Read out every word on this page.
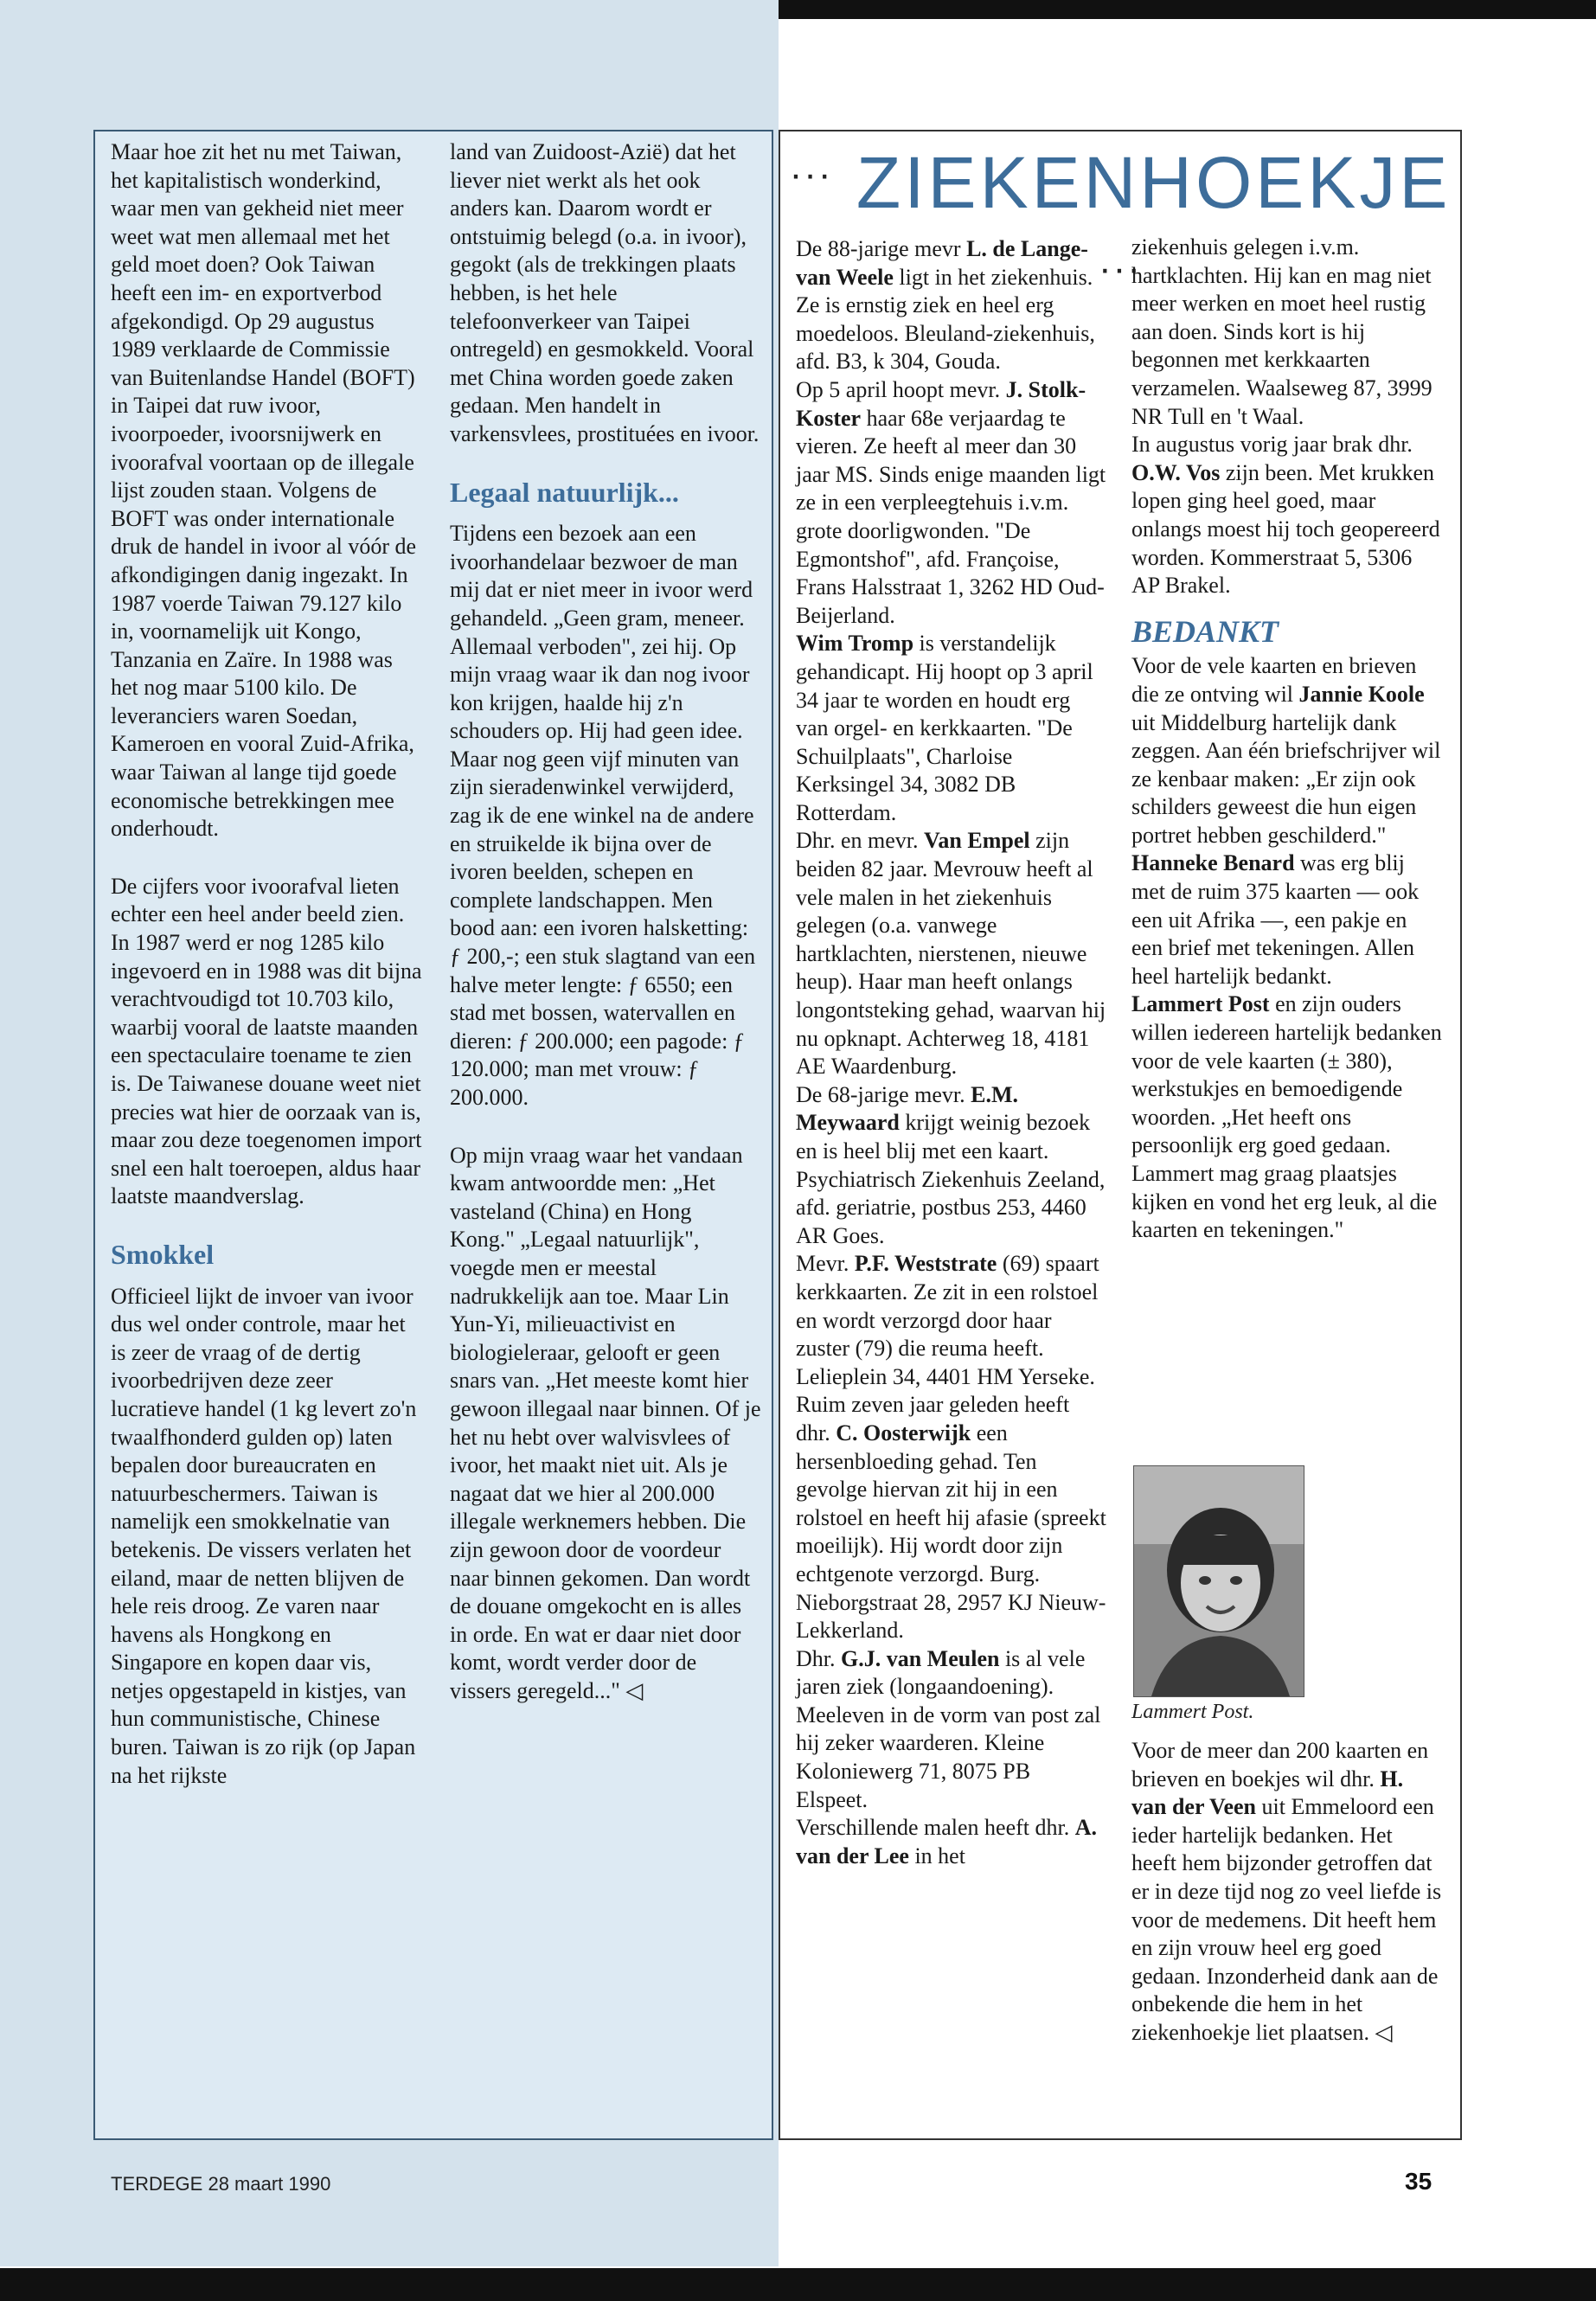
Maar hoe zit het nu met Taiwan, het kapitalistisch wonderkind, waar men van gekheid niet meer weet wat men allemaal met het geld moet doen? Ook Taiwan heeft een im- en exportverbod afgekondigd. Op 29 augustus 1989 verklaarde de Commissie van Buitenlandse Handel (BOFT) in Taipei dat ruw ivoor, ivoorpoeder, ivoorsnijwerk en ivoorafval voortaan op de illegale lijst zouden staan. Volgens de BOFT was onder internationale druk de handel in ivoor al vóór de afkondigingen danig ingezakt. In 1987 voerde Taiwan 79.127 kilo in, voornamelijk uit Kongo, Tanzania en Zaïre. In 1988 was het nog maar 5100 kilo. De leveranciers waren Soedan, Kameroen en vooral Zuid-Afrika, waar Taiwan al lange tijd goede economische betrekkingen mee onderhoudt.

De cijfers voor ivoorafval lieten echter een heel ander beeld zien. In 1987 werd er nog 1285 kilo ingevoerd en in 1988 was dit bijna verachtvoudigd tot 10.703 kilo, waarbij vooral de laatste maanden een spectaculaire toename te zien is. De Taiwanese douane weet niet precies wat hier de oorzaak van is, maar zou deze toegenomen import snel een halt toeroepen, aldus haar laatste maandverslag.

Smokkel

Officieel lijkt de invoer van ivoor dus wel onder controle, maar het is zeer de vraag of de dertig ivoorbedrijven deze zeer lucratieve handel (1 kg levert zo'n twaalfhonderd gulden op) laten bepalen door bureaucraten en natuurbeschermers. Taiwan is namelijk een smokkelnatie van betekenis. De vissers verlaten het eiland, maar de netten blijven de hele reis droog. Ze varen naar havens als Hongkong en Singapore en kopen daar vis, netjes opgestapeld in kistjes, van hun communistische, Chinese buren. Taiwan is zo rijk (op Japan na het rijkste

land van Zuidoost-Azië) dat het liever niet werkt als het ook anders kan. Daarom wordt er ontstuimig belegd (o.a. in ivoor), gegokt (als de trekkingen plaats hebben, is het hele telefoonverkeer van Taipei ontregeld) en gesmokkeld. Vooral met China worden goede zaken gedaan. Men handelt in varkensvlees, prostituées en ivoor.

Legaal natuurlijk...

Tijdens een bezoek aan een ivoorhandelaar bezwoer de man mij dat er niet meer in ivoor werd gehandeld. „Geen gram, meneer. Allemaal verboden", zei hij. Op mijn vraag waar ik dan nog ivoor kon krijgen, haalde hij z'n schouders op. Hij had geen idee. Maar nog geen vijf minuten van zijn sieradenwinkel verwijderd, zag ik de ene winkel na de andere en struikelde ik bijna over de ivoren beelden, schepen en complete landschappen. Men bood aan: een ivoren halsketting: ƒ 200,-; een stuk slagtand van een halve meter lengte: ƒ 6550; een stad met bossen, watervallen en dieren: ƒ 200.000; een pagode: ƒ 120.000; man met vrouw: ƒ 200.000.

Op mijn vraag waar het vandaan kwam antwoordde men: „Het vasteland (China) en Hong Kong." „Legaal natuurlijk", voegde men er meestal nadrukkelijk aan toe. Maar Lin Yun-Yi, milieuactivist en biologieleraar, gelooft er geen snars van. „Het meeste komt hier gewoon illegaal naar binnen. Of je het nu hebt over walvisvlees of ivoor, het maakt niet uit. Als je nagaat dat we hier al 200.000 illegale werknemers hebben. Die zijn gewoon door de voordeur naar binnen gekomen. Dan wordt de douane omgekocht en is alles in orde. En wat er daar niet door komt, wordt verder door de vissers geregeld..." ◁

··· ZIEKENHOEKJE ···

De 88-jarige mevr L. de Lange-van Weele ligt in het ziekenhuis. Ze is ernstig ziek en heel erg moedeloos. Bleuland-ziekenhuis, afd. B3, k 304, Gouda.

Op 5 april hoopt mevr. J. Stolk-Koster haar 68e verjaardag te vieren. Ze heeft al meer dan 30 jaar MS. Sinds enige maanden ligt ze in een verpleegtehuis i.v.m. grote doorligwonden. "De Egmontshof", afd. Françoise, Frans Halsstraat 1, 3262 HD Oud-Beijerland.

Wim Tromp is verstandelijk gehandicapt. Hij hoopt op 3 april 34 jaar te worden en houdt erg van orgel- en kerkkaarten. "De Schuilplaats", Charloise Kerksingel 34, 3082 DB Rotterdam.

Dhr. en mevr. Van Empel zijn beiden 82 jaar. Mevrouw heeft al vele malen in het ziekenhuis gelegen (o.a. vanwege hartklachten, nierstenen, nieuwe heup). Haar man heeft onlangs longontsteking gehad, waarvan hij nu opknapt. Achterweg 18, 4181 AE Waardenburg.

De 68-jarige mevr. E.M. Meywaard krijgt weinig bezoek en is heel blij met een kaart. Psychiatrisch Ziekenhuis Zeeland, afd. geriatrie, postbus 253, 4460 AR Goes.

Mevr. P.F. Weststrate (69) spaart kerkkaarten. Ze zit in een rolstoel en wordt verzorgd door haar zuster (79) die reuma heeft. Lelieplein 34, 4401 HM Yerseke.

Ruim zeven jaar geleden heeft dhr. C. Oosterwijk een hersenbloeding gehad. Ten gevolge hiervan zit hij in een rolstoel en heeft hij afasie (spreekt moeilijk). Hij wordt door zijn echtgenote verzorgd. Burg. Nieborgstraat 28, 2957 KJ Nieuw-Lekkerland.

Dhr. G.J. van Meulen is al vele jaren ziek (longaandoening). Meeleven in de vorm van post zal hij zeker waarderen. Kleine Koloniewerg 71, 8075 PB Elspeet.

Verschillende malen heeft dhr. A. van der Lee in het

ziekenhuis gelegen i.v.m. hartklachten. Hij kan en mag niet meer werken en moet heel rustig aan doen. Sinds kort is hij begonnen met kerkkaarten verzamelen. Waalseweg 87, 3999 NR Tull en 't Waal.

In augustus vorig jaar brak dhr. O.W. Vos zijn been. Met krukken lopen ging heel goed, maar onlangs moest hij toch geopereerd worden. Kommerstraat 5, 5306 AP Brakel.

BEDANKT

Voor de vele kaarten en brieven die ze ontving wil Jannie Koole uit Middelburg hartelijk dank zeggen. Aan één briefschrijver wil ze kenbaar maken: „Er zijn ook schilders geweest die hun eigen portret hebben geschilderd."

Hanneke Benard was erg blij met de ruim 375 kaarten — ook een uit Afrika —, een pakje en een brief met tekeningen. Allen heel hartelijk bedankt.

Lammert Post en zijn ouders willen iedereen hartelijk bedanken voor de vele kaarten (± 380), werkstukjes en bemoedigende woorden. „Het heeft ons persoonlijk erg goed gedaan. Lammert mag graag plaatsjes kijken en vond het erg leuk, al die kaarten en tekeningen."

Lammert Post.

Voor de meer dan 200 kaarten en brieven en boekjes wil dhr. H. van der Veen uit Emmeloord een ieder hartelijk bedanken. Het heeft hem bijzonder getroffen dat er in deze tijd nog zo veel liefde is voor de medemens. Dit heeft hem en zijn vrouw heel erg goed gedaan. Inzonderheid dank aan de onbekende die hem in het ziekenhoekje liet plaatsen. ◁

TERDEGE 28 maart 1990	35
